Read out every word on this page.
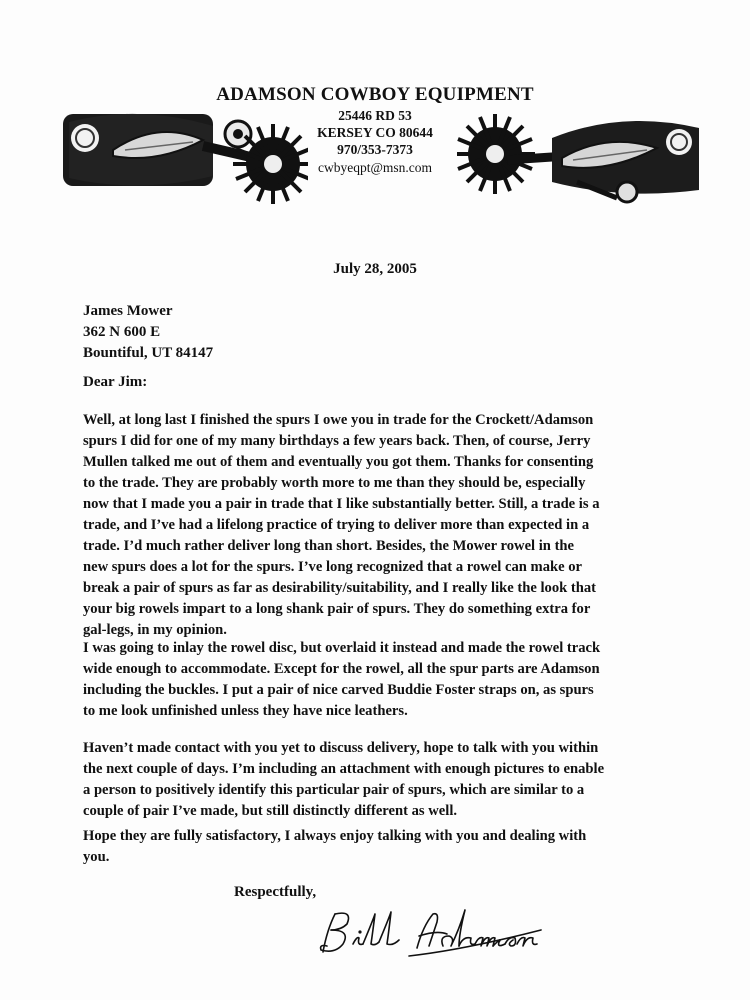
ADAMSON COWBOY EQUIPMENT
25446 RD 53
KERSEY CO 80644
970/353-7373
cwbyeqpt@msn.com
July 28, 2005
James Mower
362 N 600 E
Bountiful, UT 84147
Dear Jim:
Well, at long last I finished the spurs I owe you in trade for the Crockett/Adamson
spurs I did for one of my many birthdays a few years back. Then, of course, Jerry
Mullen talked me out of them and eventually you got them. Thanks for consenting
to the trade. They are probably worth more to me than they should be, especially
now that I made you a pair in trade that I like substantially better. Still, a trade is a
trade, and I’ve had a lifelong practice of trying to deliver more than expected in a
trade. I’d much rather deliver long than short. Besides, the Mower rowel in the
new spurs does a lot for the spurs. I’ve long recognized that a rowel can make or
break a pair of spurs as far as desirability/suitability, and I really like the look that
your big rowels impart to a long shank pair of spurs. They do something extra for
gal-legs, in my opinion.
I was going to inlay the rowel disc, but overlaid it instead and made the rowel track
wide enough to accommodate. Except for the rowel, all the spur parts are Adamson
including the buckles. I put a pair of nice carved Buddie Foster straps on, as spurs
to me look unfinished unless they have nice leathers.
Haven’t made contact with you yet to discuss delivery, hope to talk with you within
the next couple of days. I’m including an attachment with enough pictures to enable
a person to positively identify this particular pair of spurs, which are similar to a
couple of pair I’ve made, but still distinctly different as well.
Hope they are fully satisfactory, I always enjoy talking with you and dealing with
you.
Respectfully,
